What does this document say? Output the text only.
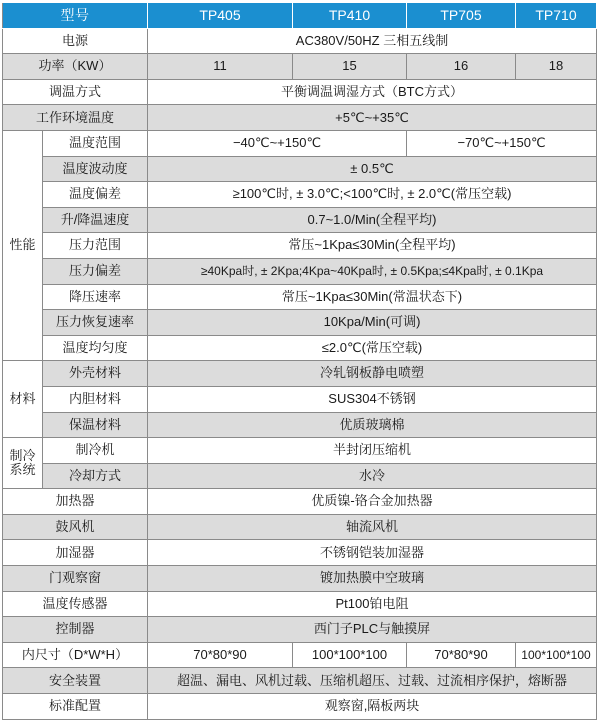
型号		TP405	TP410	TP705	TP710
电源		AC380V/50HZ 三相五线制			
功率（KW）		11	15	16	18
调温方式		平衡调温调湿方式（BTC方式）			
工作环境温度		+5℃~+35℃			
性能	温度范围	−40℃~+150℃		−70℃~+150℃	
	温度波动度	± 0.5℃			
	温度偏差	≥100℃时, ± 3.0℃;<100℃时, ± 2.0℃(常压空载)			
	升/降温速度	0.7~1.0/Min(全程平均)			
	压力范围	常压~1Kpa≤30Min(全程平均)			
	压力偏差	≥40Kpa时, ± 2Kpa;4Kpa~40Kpa时, ± 0.5Kpa;≤4Kpa时, ± 0.1Kpa			
	降压速率	常压~1Kpa≤30Min(常温状态下)			
	压力恢复速率	10Kpa/Min(可调)			
	温度均匀度	≤2.0℃(常压空载)			
材料	外壳材料	冷轧钢板静电喷塑			
	内胆材料	SUS304不锈钢			
	保温材料	优质玻璃棉			
制冷
系统	制冷机	半封闭压缩机			
	冷却方式	水冷			
加热器		优质镍-铬合金加热器			
鼓风机		轴流风机			
加湿器		不锈钢铠装加湿器			
门观察窗		镀加热膜中空玻璃			
温度传感器		Pt100铂电阻			
控制器		西门子PLC与触摸屏			
内尺寸（D*W*H）		70*80*90	100*100*100	70*80*90	100*100*100
安全装置		超温、漏电、风机过载、压缩机超压、过载、过流相序保护，熔断器			
标准配置		观察窗,隔板两块			
